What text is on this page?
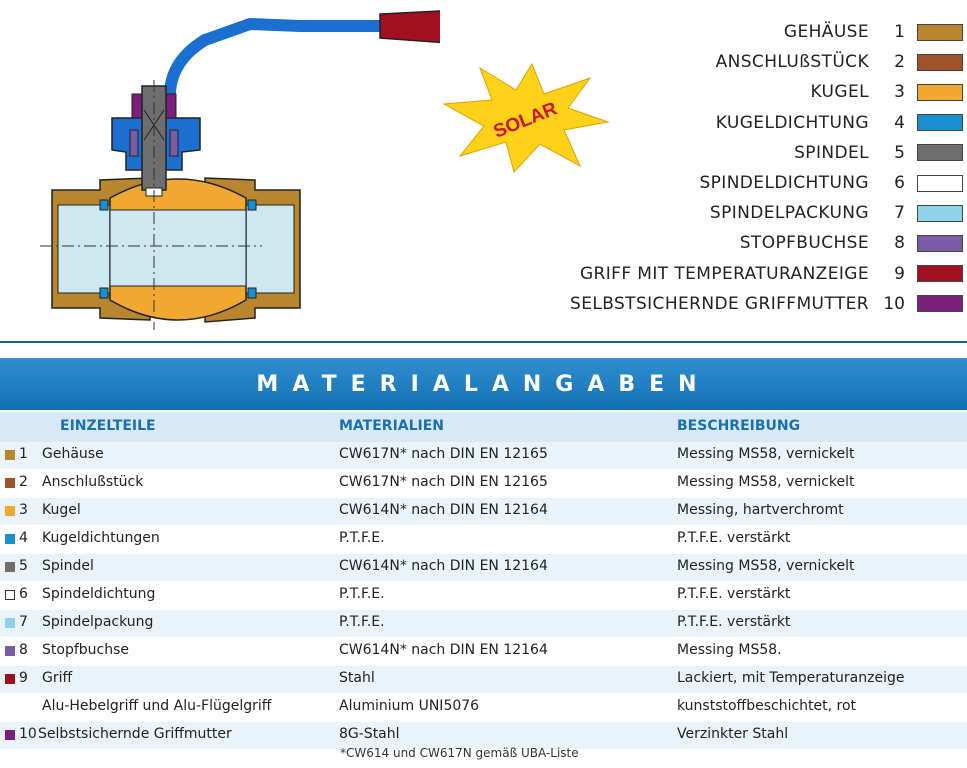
SOLAR
GEHÄUSE	1
ANSCHLUßSTÜCK	2
KUGEL	3
KUGELDICHTUNG	4
SPINDEL	5
SPINDELDICHTUNG	6
SPINDELPACKUNG	7
STOPFBUCHSE	8
GRIFF MIT TEMPERATURANZEIGE	9
SELBSTSICHERNDE GRIFFMUTTER 10
MATERIALANGABEN
EINZELTEILE	MATERIALIEN	BESCHREIBUNG
1 Gehäuse	CW617N* nach DIN EN 12165	Messing MS58, vernickelt
2 Anschlußstück	CW617N* nach DIN EN 12165	Messing MS58, vernickelt
3 Kugel	CW614N* nach DIN EN 12164	Messing, hartverchromt
4 Kugeldichtungen	P.T.F.E.	P.T.F.E. verstärkt
5 Spindel	CW614N* nach DIN EN 12164	Messing MS58, vernickelt
6 Spindeldichtung	P.T.F.E.	P.T.F.E. verstärkt
7 Spindelpackung	P.T.F.E.	P.T.F.E. verstärkt
8 Stopfbuchse	CW614N* nach DIN EN 12164	Messing MS58.
9 Griff	Stahl	Lackiert, mit Temperaturanzeige
Alu-Hebelgriff und Alu-Flügelgriff	Aluminium UNI5076	kunststoffbeschichtet, rot
10 Selbstsichernde Griffmutter	8G-Stahl	Verzinkter Stahl
*CW614 und CW617N gemäß UBA-Liste
